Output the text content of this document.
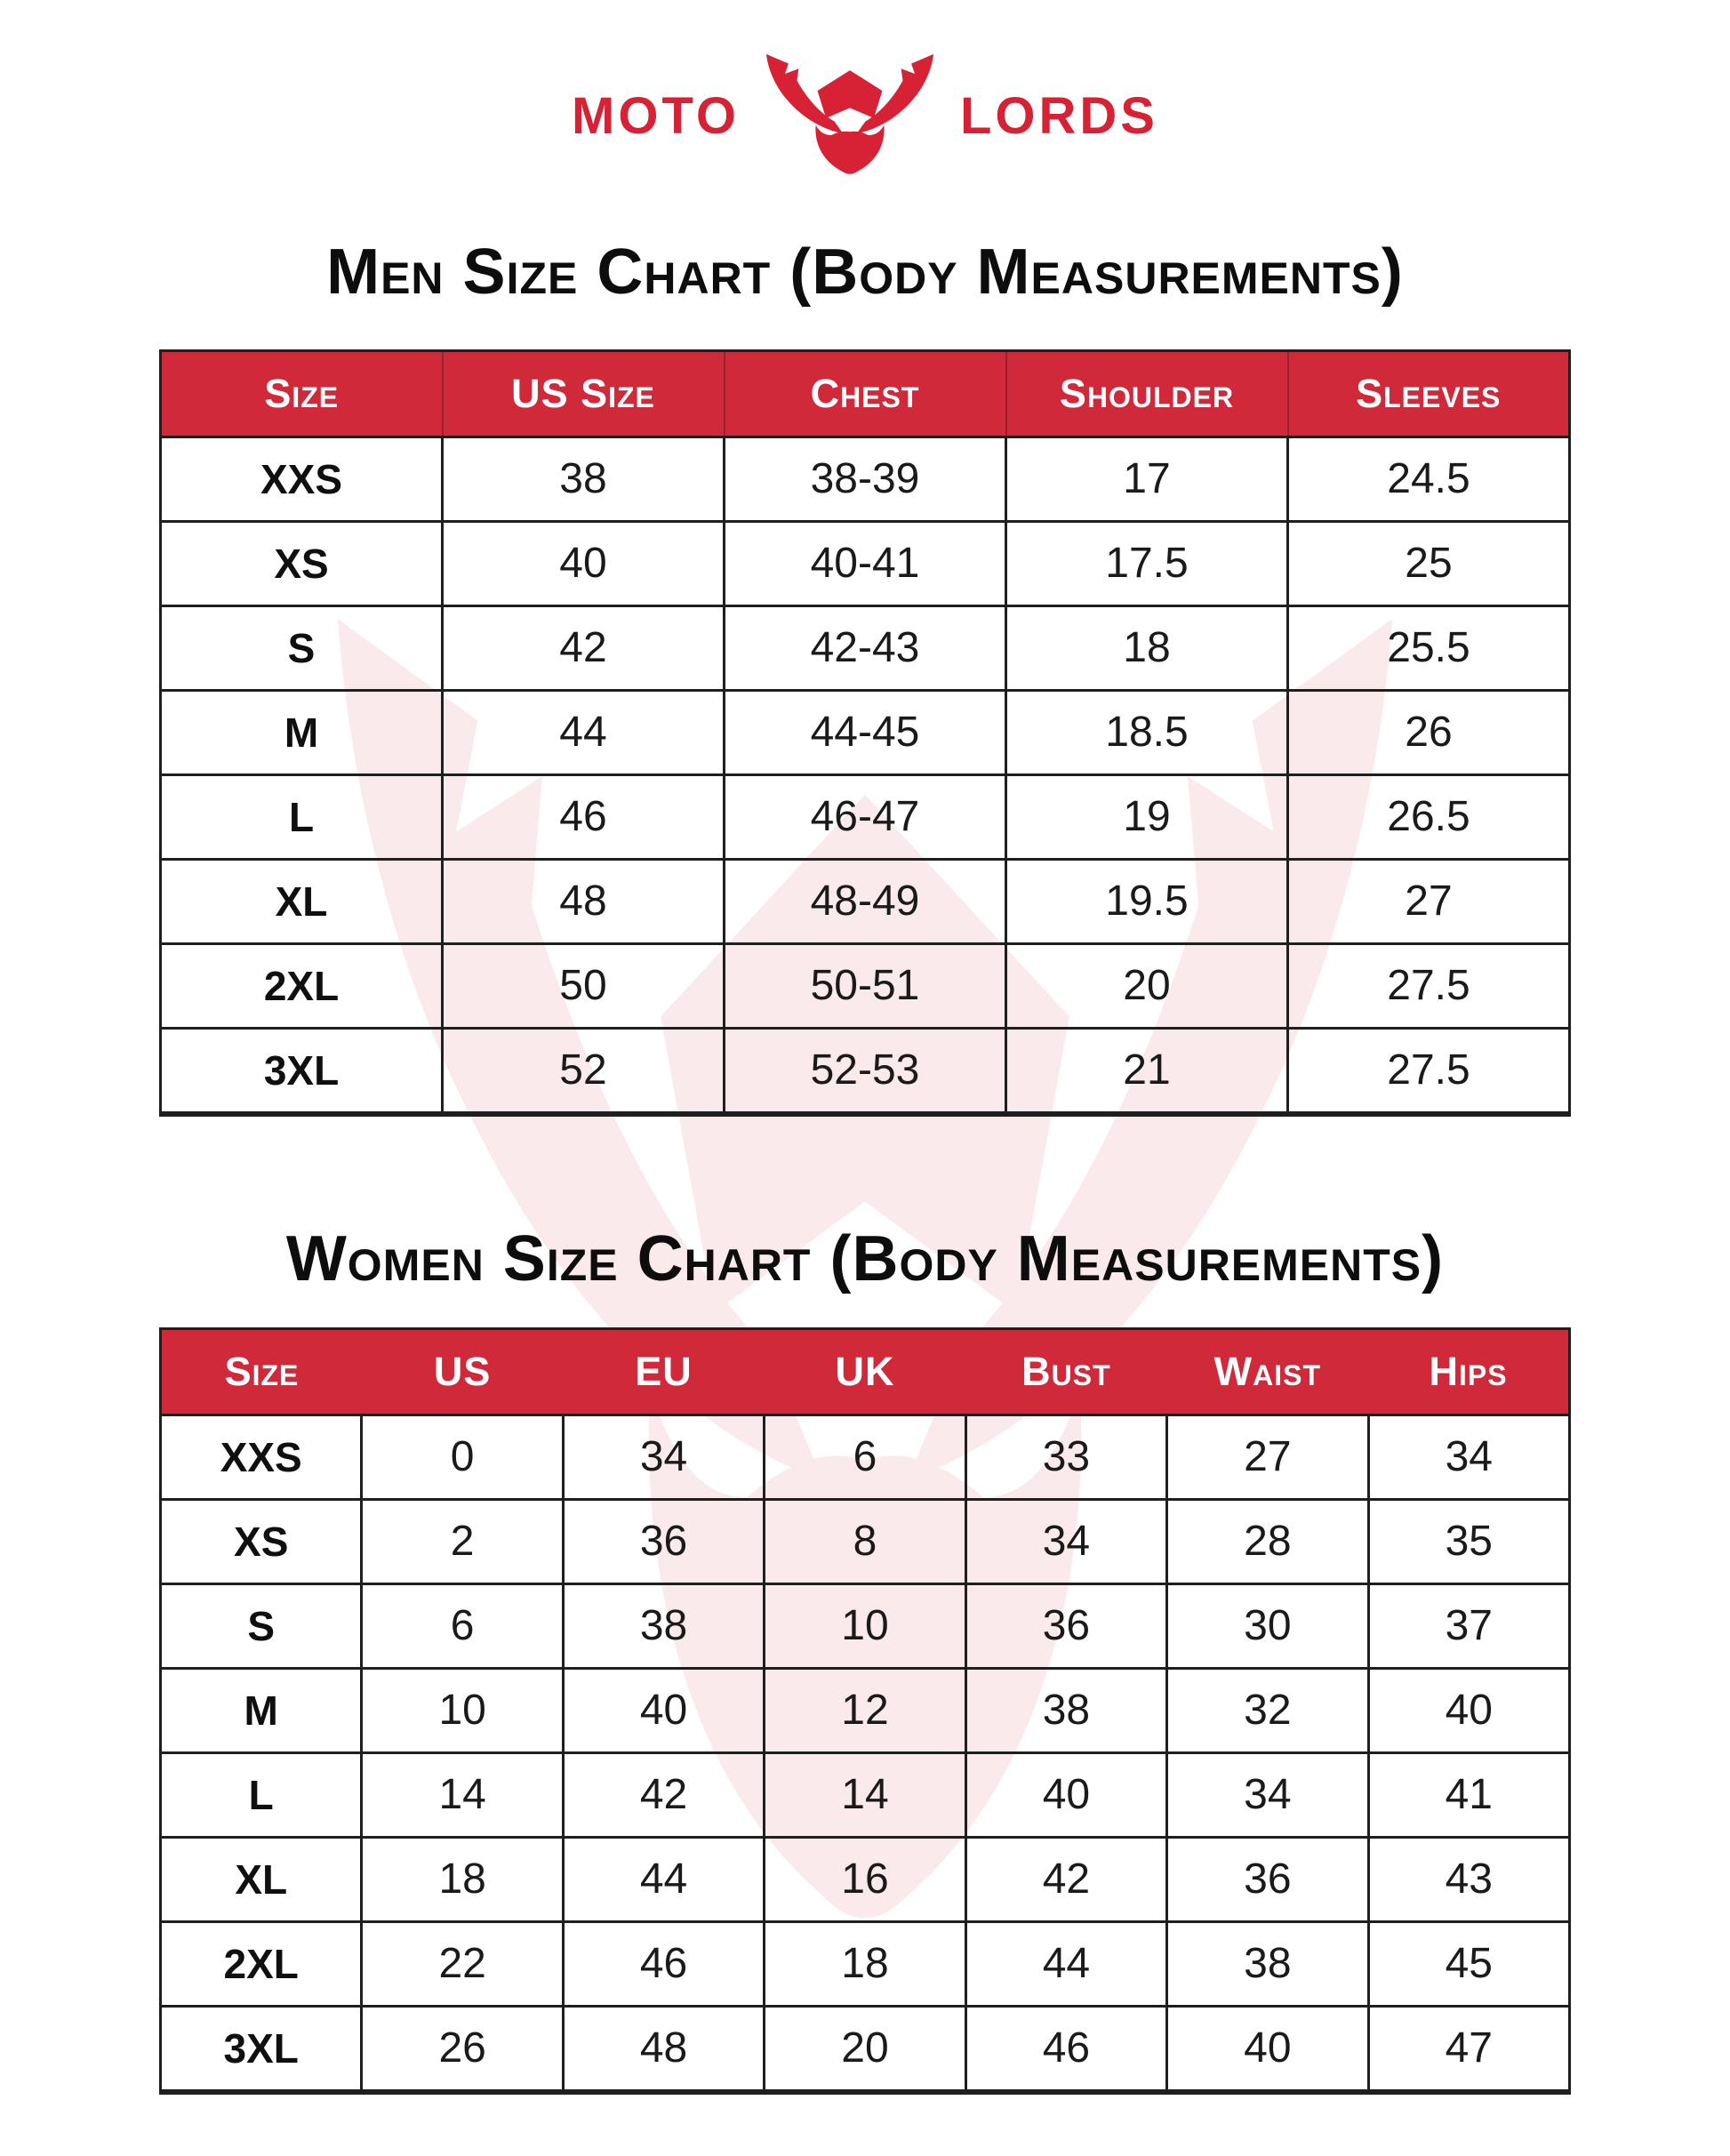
MOTO	LORDS
Men Size Chart (Body Measurements)
Size	US Size	Chest	Shoulder	Sleeves
XXS	38	38-39	17	24.5
XS	40	40-41	17.5	25
S	42	42-43	18	25.5
M	44	44-45	18.5	26
L	46	46-47	19	26.5
XL	48	48-49	19.5	27
2XL	50	50-51	20	27.5
3XL	52	52-53	21	27.5
Women Size Chart (Body Measurements)
Size	US	EU	UK	Bust	Waist	Hips
XXS	0	34	6	33	27	34
XS	2	36	8	34	28	35
S	6	38	10	36	30	37
M	10	40	12	38	32	40
L	14	42	14	40	34	41
XL	18	44	16	42	36	43
2XL	22	46	18	44	38	45
3XL	26	48	20	46	40	47
